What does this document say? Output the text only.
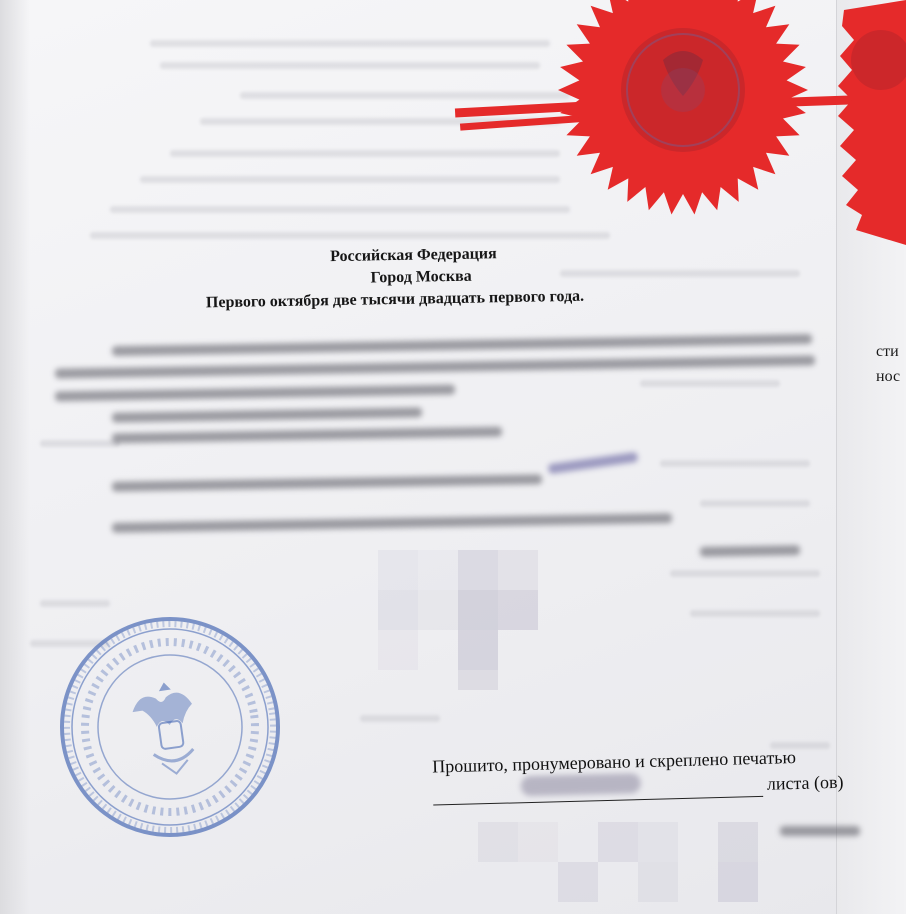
сти
нос
Российская Федерация
Город Москва
Первого октября две тысячи двадцать первого года.
Прошито, пронумеровано и скреплено печатью
листа (ов)
